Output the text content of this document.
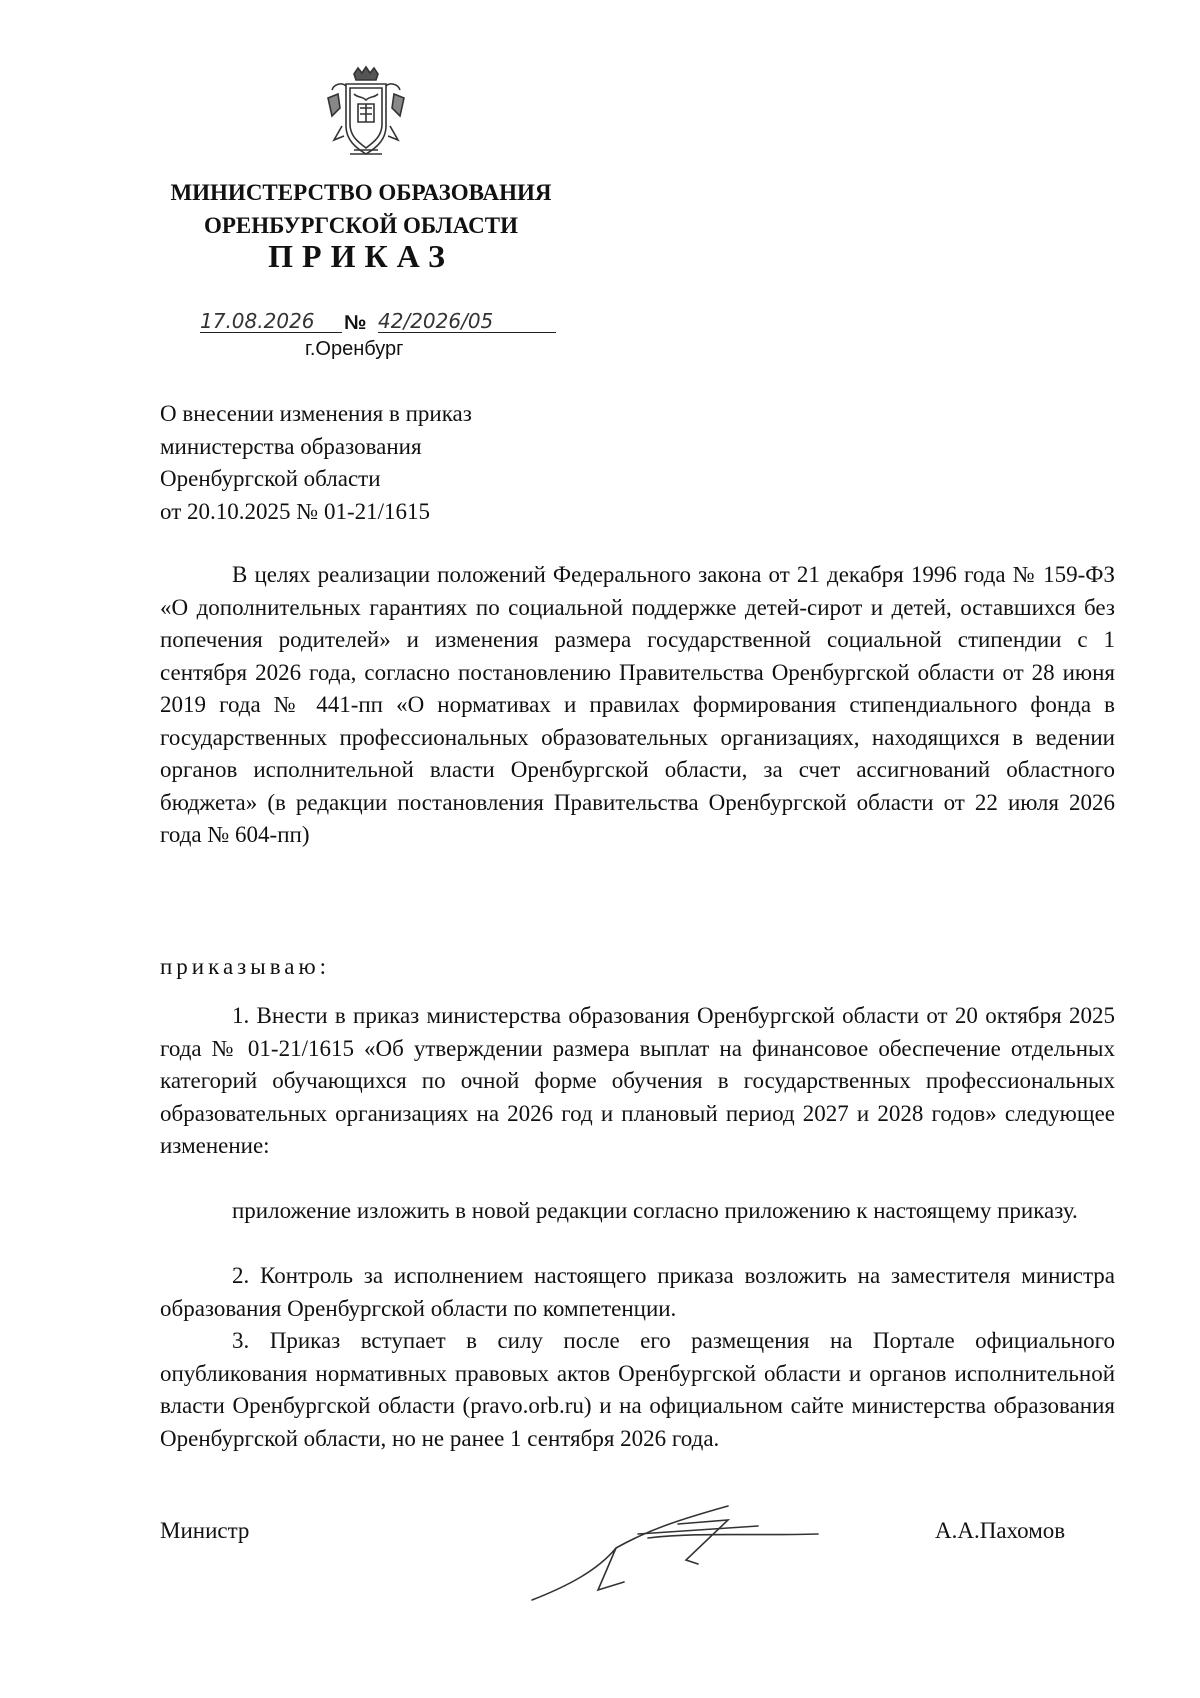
МИНИСТЕРСТВО ОБРАЗОВАНИЯ
ОРЕНБУРГСКОЙ ОБЛАСТИ
ПРИКАЗ
17.08.2026	№ 42/2026/05
г.Оренбург
О внесении изменения в приказ
министерства образования
Оренбургской области
от 20.10.2025 № 01-21/1615

В целях реализации положений Федерального закона от 21 декабря 1996 года № 159-ФЗ «О дополнительных гарантиях по социальной поддержке детей-сирот и детей, оставшихся без попечения родителей» и изменения размера государственной социальной стипендии с 1 сентября 2026 года, согласно постановлению Правительства Оренбургской области от 28 июня 2019 года № 441-пп «О нормативах и правилах формирования стипендиального фонда в государственных профессиональных образовательных организациях, находящихся в ведении органов исполнительной власти Оренбургской области, за счет ассигнований областного бюджета» (в редакции постановления Правительства Оренбургской области от 22 июля 2026 года № 604-пп)

приказываю:

1. Внести в приказ министерства образования Оренбургской области от 20 октября 2025 года № 01-21/1615 «Об утверждении размера выплат на финансовое обеспечение отдельных категорий обучающихся по очной форме обучения в государственных профессиональных образовательных организациях на 2026 год и плановый период 2027 и 2028 годов» следующее изменение:

приложение изложить в новой редакции согласно приложению к настоящему приказу.

2. Контроль за исполнением настоящего приказа возложить на заместителя министра образования Оренбургской области по компетенции.

3. Приказ вступает в силу после его размещения на Портале официального опубликования нормативных правовых актов Оренбургской области и органов исполнительной власти Оренбургской области (pravo.orb.ru) и на официальном сайте министерства образования Оренбургской области, но не ранее 1 сентября 2026 года.

Министр	А.А.Пахомов
